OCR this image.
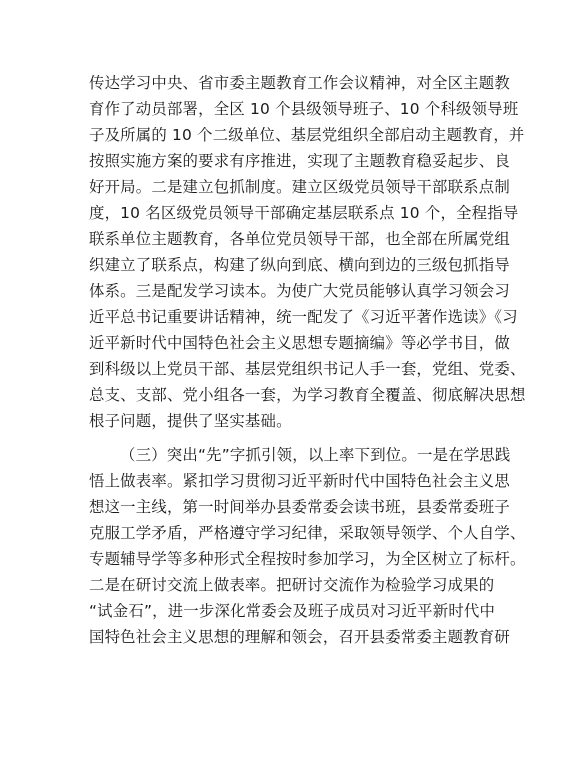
传达学习中央、省市委主题教育工作会议精神，对全区主题教
育作了动员部署，全区 10 个县级领导班子、10 个科级领导班
子及所属的 10 个二级单位、基层党组织全部启动主题教育，并
按照实施方案的要求有序推进，实现了主题教育稳妥起步、良
好开局。二是建立包抓制度。建立区级党员领导干部联系点制
度，10 名区级党员领导干部确定基层联系点 10 个，全程指导
联系单位主题教育，各单位党员领导干部，也全部在所属党组
织建立了联系点，构建了纵向到底、横向到边的三级包抓指导
体系。三是配发学习读本。为使广大党员能够认真学习领会习
近平总书记重要讲话精神，统一配发了《习近平著作选读》《习
近平新时代中国特色社会主义思想专题摘编》等必学书目，做
到科级以上党员干部、基层党组织书记人手一套，党组、党委、
总支、支部、党小组各一套，为学习教育全覆盖、彻底解决思想
根子问题，提供了坚实基础。
（三）突出“先”字抓引领，以上率下到位。一是在学思践
悟上做表率。紧扣学习贯彻习近平新时代中国特色社会主义思
想这一主线，第一时间举办县委常委会读书班，县委常委班子
克服工学矛盾，严格遵守学习纪律，采取领导领学、个人自学、
专题辅导学等多种形式全程按时参加学习，为全区树立了标杆。
二是在研讨交流上做表率。把研讨交流作为检验学习成果的
“试金石”，进一步深化常委会及班子成员对习近平新时代中
国特色社会主义思想的理解和领会，召开县委常委主题教育研
